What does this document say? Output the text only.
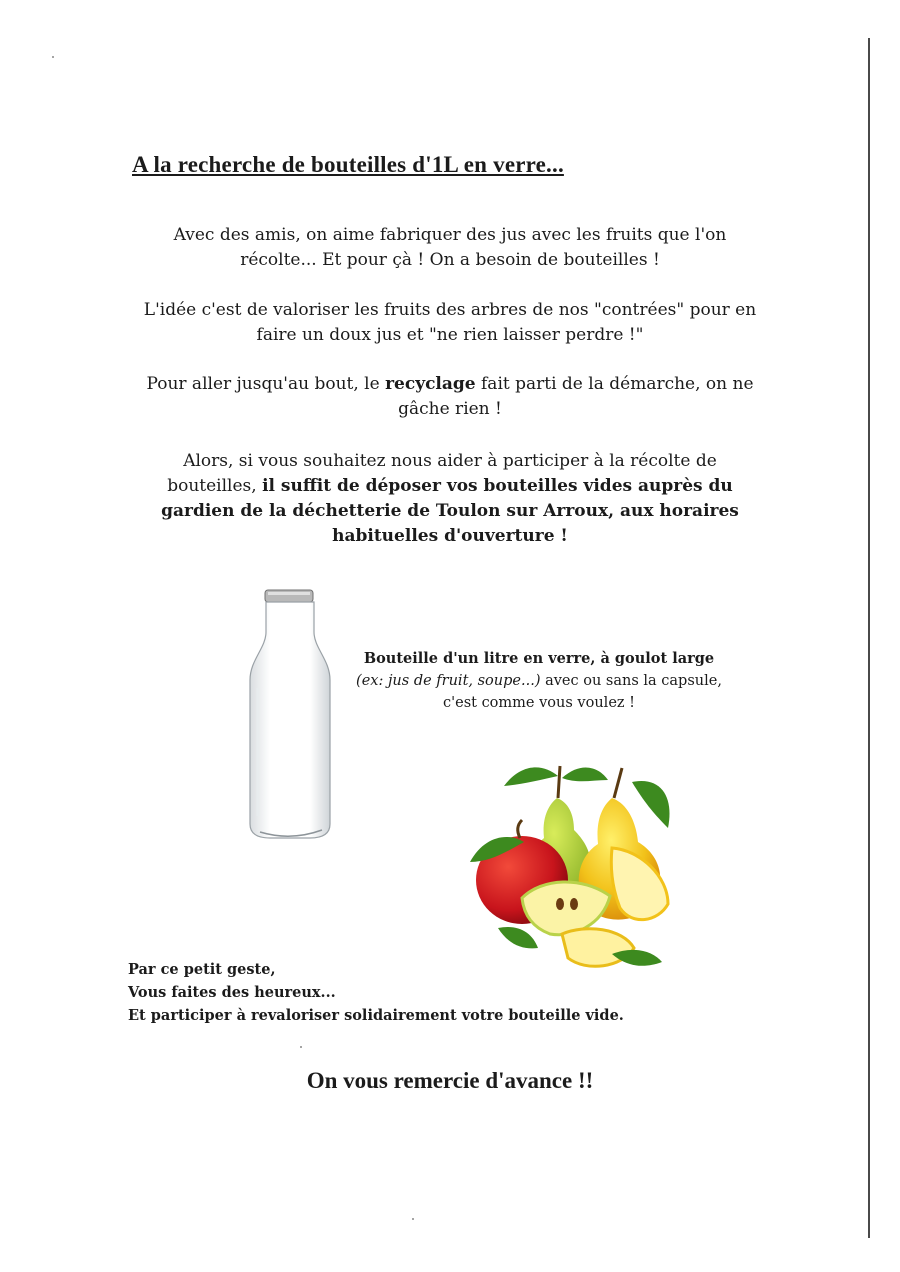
A la recherche de bouteilles d'1L en verre...

Avec des amis, on aime fabriquer des jus avec les fruits que l'on
récolte... Et pour çà ! On a besoin de bouteilles !

L'idée c'est de valoriser les fruits des arbres de nos "contrées" pour en
faire un doux jus et "ne rien laisser perdre !"

Pour aller jusqu'au bout, le recyclage fait parti de la démarche, on ne
gâche rien !

Alors, si vous souhaitez nous aider à participer à la récolte de
bouteilles, il suffit de déposer vos bouteilles vides auprès du
gardien de la déchetterie de Toulon sur Arroux, aux horaires
habituelles d'ouverture !

Bouteille d'un litre en verre, à goulot large
(ex: jus de fruit, soupe...) avec ou sans la capsule,
c'est comme vous voulez !

Par ce petit geste,
Vous faites des heureux...
Et participer à revaloriser solidairement votre bouteille vide.

On vous remercie d'avance !!
